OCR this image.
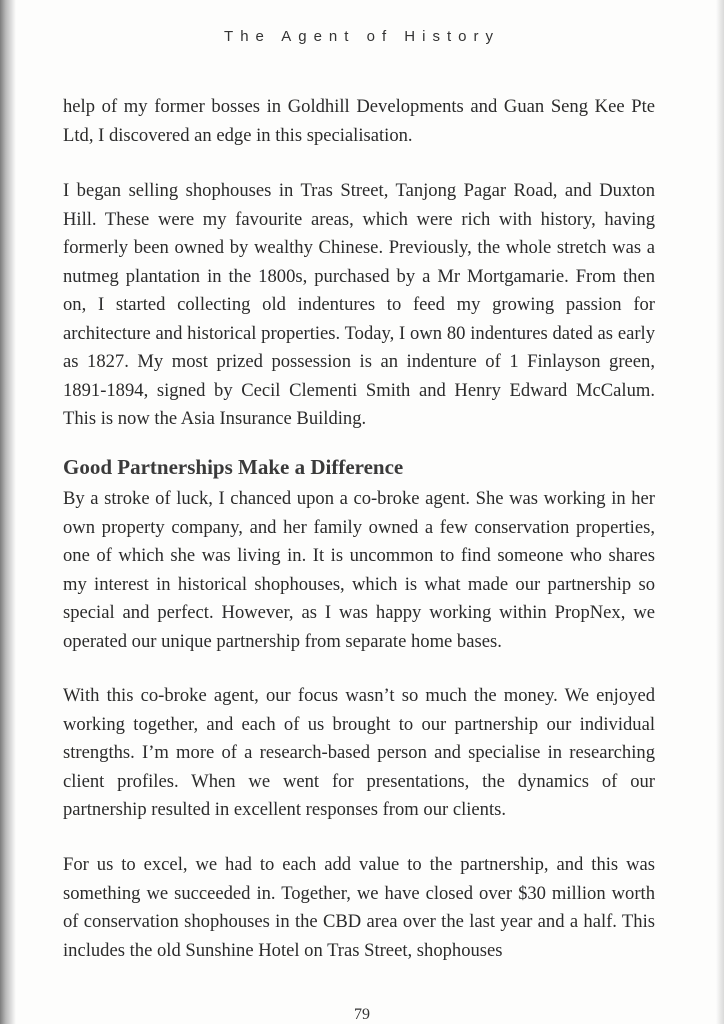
The Agent of History

help of my former bosses in Goldhill Developments and Guan Seng Kee Pte Ltd, I discovered an edge in this specialisation.

I began selling shophouses in Tras Street, Tanjong Pagar Road, and Duxton Hill. These were my favourite areas, which were rich with history, having formerly been owned by wealthy Chinese. Previously, the whole stretch was a nutmeg plantation in the 1800s, purchased by a Mr Mortgamarie. From then on, I started collecting old indentures to feed my growing passion for architecture and historical properties. Today, I own 80 indentures dated as early as 1827. My most prized possession is an indenture of 1 Finlayson green, 1891-1894, signed by Cecil Clementi Smith and Henry Edward McCalum. This is now the Asia Insurance Building.

Good Partnerships Make a Difference

By a stroke of luck, I chanced upon a co-broke agent. She was working in her own property company, and her family owned a few conservation properties, one of which she was living in. It is uncommon to find someone who shares my interest in historical shophouses, which is what made our partnership so special and perfect. However, as I was happy working within PropNex, we operated our unique partnership from separate home bases.

With this co-broke agent, our focus wasn’t so much the money. We enjoyed working together, and each of us brought to our partnership our individual strengths. I’m more of a research-based person and specialise in researching client profiles. When we went for presentations, the dynamics of our partnership resulted in excellent responses from our clients.

For us to excel, we had to each add value to the partnership, and this was something we succeeded in. Together, we have closed over $30 million worth of conservation shophouses in the CBD area over the last year and a half. This includes the old Sunshine Hotel on Tras Street, shophouses

79
